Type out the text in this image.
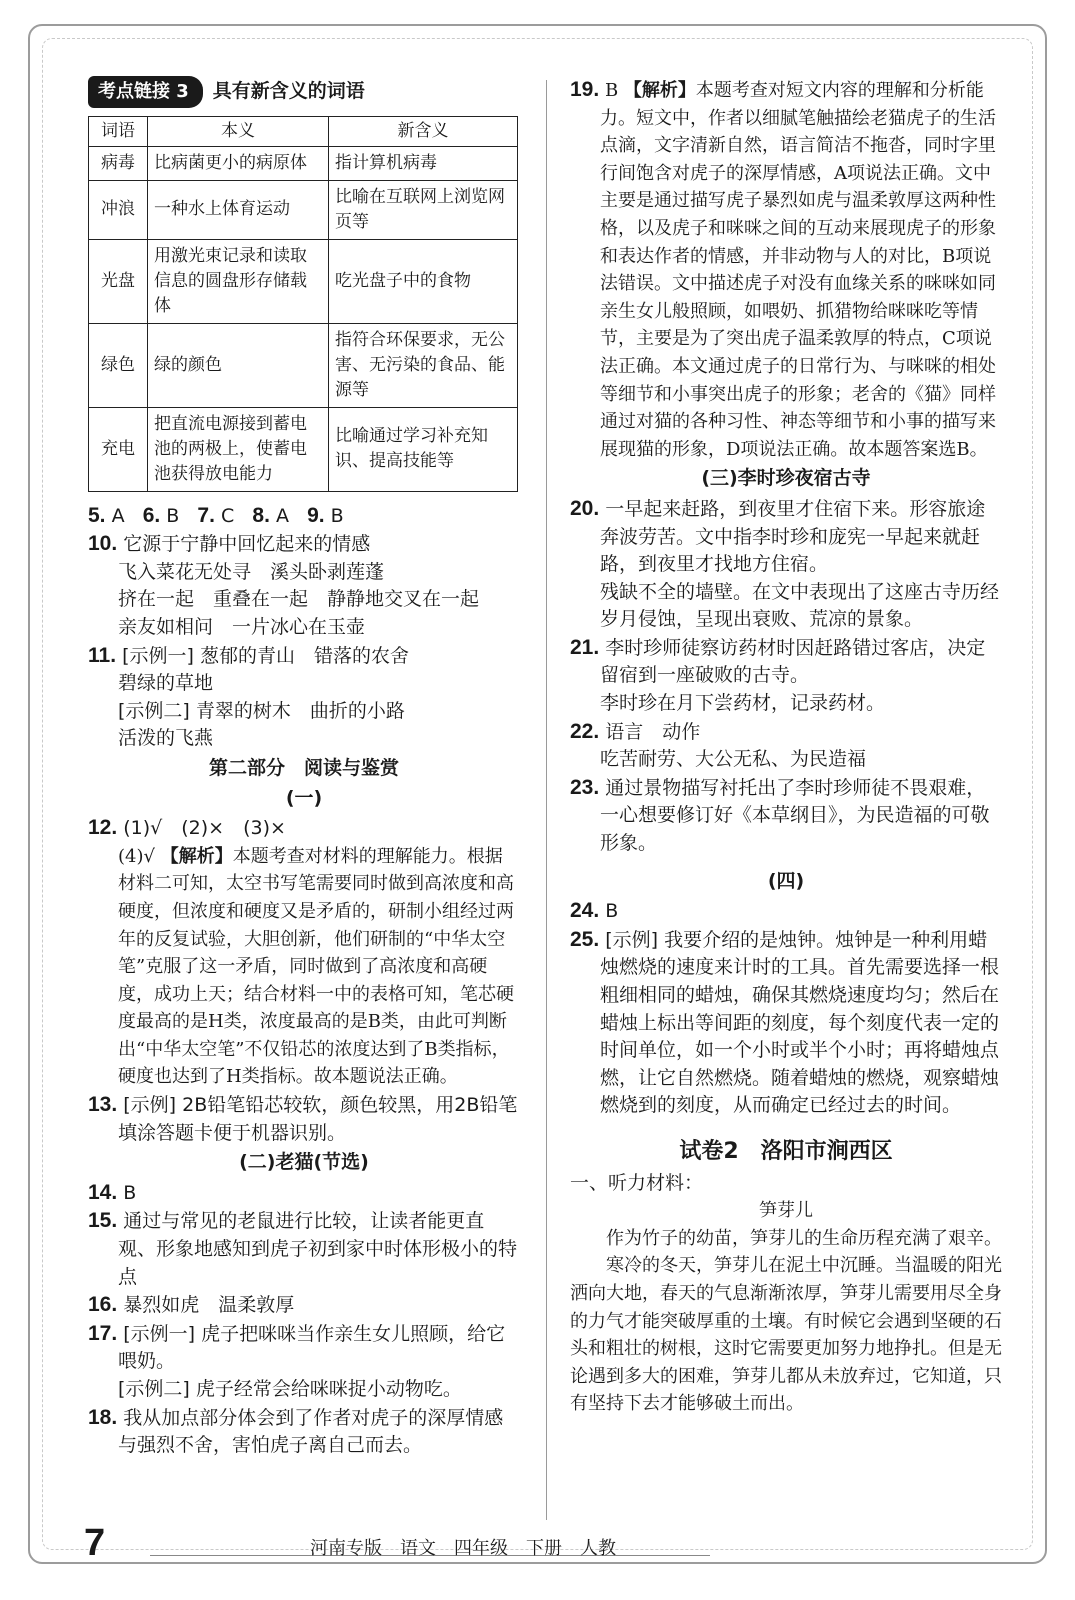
考点链接 3	具有新含义的词语
词语	本义	新含义
病毒	比病菌更小的病原体	指计算机病毒
冲浪	一种水上体育运动	比喻在互联网上浏览网页等
光盘	用激光束记录和读取信息的圆盘形存储载体	吃光盘子中的食物
绿色	绿的颜色	指符合环保要求，无公害、无污染的食品、能源等
充电	把直流电源接到蓄电池的两极上，使蓄电池获得放电能力	比喻通过学习补充知识、提高技能等
5. A 6. B 7. C 8. A 9. B
10. 它源于宁静中回忆起来的情感
飞入菜花无处寻　溪头卧剥莲蓬
挤在一起　重叠在一起　静静地交叉在一起
亲友如相问　一片冰心在玉壶
11. [示例一] 葱郁的青山　错落的农舍
碧绿的草地
[示例二] 青翠的树木　曲折的小路
活泼的飞燕
第二部分　阅读与鉴赏
(一)
12. (1)√　(2)×　(3)×
(4)√ 【解析】本题考查对材料的理解能力。根据材料二可知，太空书写笔需要同时做到高浓度和高硬度，但浓度和硬度又是矛盾的，研制小组经过两年的反复试验，大胆创新，他们研制的“中华太空笔”克服了这一矛盾，同时做到了高浓度和高硬度，成功上天；结合材料一中的表格可知，笔芯硬度最高的是H类，浓度最高的是B类，由此可判断出“中华太空笔”不仅铅芯的浓度达到了B类指标，硬度也达到了H类指标。故本题说法正确。
13. [示例] 2B铅笔铅芯较软，颜色较黑，用2B铅笔填涂答题卡便于机器识别。
(二)老猫(节选)
14. B
15. 通过与常见的老鼠进行比较，让读者能更直观、形象地感知到虎子初到家中时体形极小的特点
16. 暴烈如虎　温柔敦厚
17. [示例一] 虎子把咪咪当作亲生女儿照顾，给它喂奶。
[示例二] 虎子经常会给咪咪捉小动物吃。
18. 我从加点部分体会到了作者对虎子的深厚情感与强烈不舍，害怕虎子离自己而去。
19. B 【解析】本题考查对短文内容的理解和分析能力。短文中，作者以细腻笔触描绘老猫虎子的生活点滴，文字清新自然，语言简洁不拖沓，同时字里行间饱含对虎子的深厚情感，A项说法正确。文中主要是通过描写虎子暴烈如虎与温柔敦厚这两种性格，以及虎子和咪咪之间的互动来展现虎子的形象和表达作者的情感，并非动物与人的对比，B项说法错误。文中描述虎子对没有血缘关系的咪咪如同亲生女儿般照顾，如喂奶、抓猎物给咪咪吃等情节，主要是为了突出虎子温柔敦厚的特点，C项说法正确。本文通过虎子的日常行为、与咪咪的相处等细节和小事突出虎子的形象；老舍的《猫》同样通过对猫的各种习性、神态等细节和小事的描写来展现猫的形象，D项说法正确。故本题答案选B。
(三)李时珍夜宿古寺
20. 一早起来赶路，到夜里才住宿下来。形容旅途奔波劳苦。文中指李时珍和庞宪一早起来就赶路，到夜里才找地方住宿。
残缺不全的墙壁。在文中表现出了这座古寺历经岁月侵蚀，呈现出衰败、荒凉的景象。
21. 李时珍师徒察访药材时因赶路错过客店，决定留宿到一座破败的古寺。
李时珍在月下尝药材，记录药材。
22. 语言　动作
吃苦耐劳、大公无私、为民造福
23. 通过景物描写衬托出了李时珍师徒不畏艰难，一心想要修订好《本草纲目》，为民造福的可敬形象。
(四)
24. B
25. [示例] 我要介绍的是烛钟。烛钟是一种利用蜡烛燃烧的速度来计时的工具。首先需要选择一根粗细相同的蜡烛，确保其燃烧速度均匀；然后在蜡烛上标出等间距的刻度，每个刻度代表一定的时间单位，如一个小时或半个小时；再将蜡烛点燃，让它自然燃烧。随着蜡烛的燃烧，观察蜡烛燃烧到的刻度，从而确定已经过去的时间。
试卷2　洛阳市涧西区
一、听力材料：
笋芽儿
作为竹子的幼苗，笋芽儿的生命历程充满了艰辛。
寒冷的冬天，笋芽儿在泥土中沉睡。当温暖的阳光洒向大地，春天的气息渐渐浓厚，笋芽儿需要用尽全身的力气才能突破厚重的土壤。有时候它会遇到坚硬的石头和粗壮的树根，这时它需要更加努力地挣扎。但是无论遇到多大的困难，笋芽儿都从未放弃过，它知道，只有坚持下去才能够破土而出。
7	河南专版　语文　四年级　下册　人教
